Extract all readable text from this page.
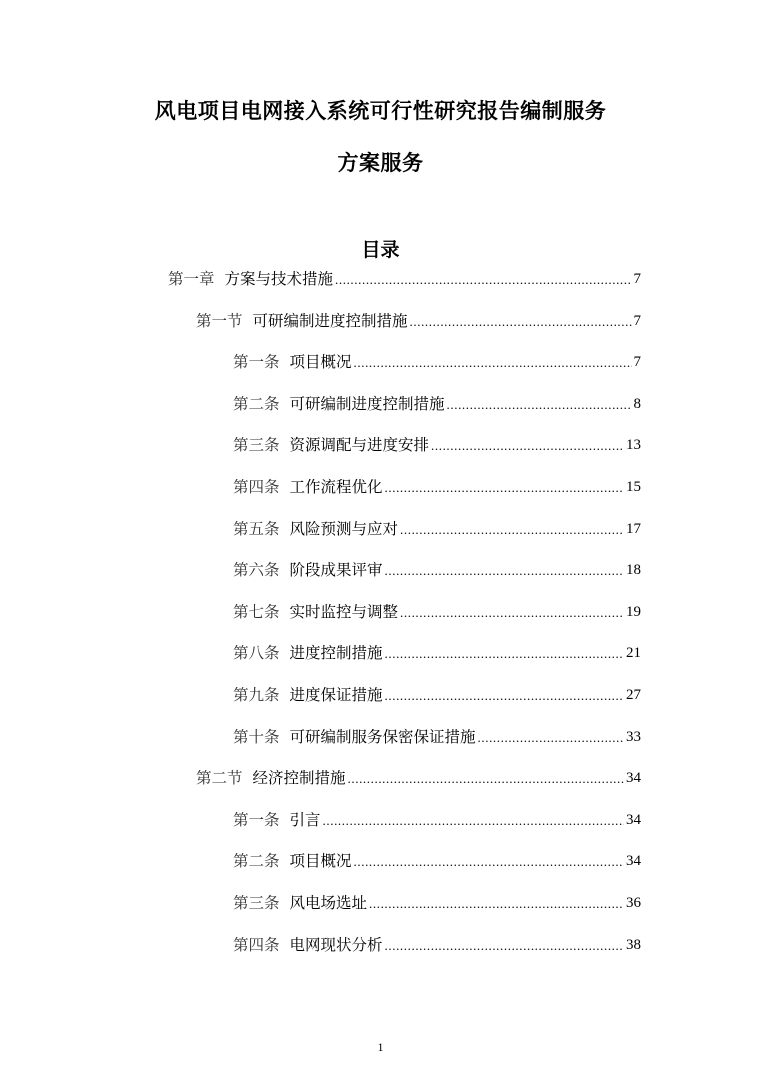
风电项目电网接入系统可行性研究报告编制服务
方案服务
目录
第一章 方案与技术措施 .....	7
第一节 可研编制进度控制措施 .....	7
第一条 项目概况 .....	7
第二条 可研编制进度控制措施 .....	8
第三条 资源调配与进度安排 .....	13
第四条 工作流程优化 .....	15
第五条 风险预测与应对 .....	17
第六条 阶段成果评审 .....	18
第七条 实时监控与调整 .....	19
第八条 进度控制措施 .....	21
第九条 进度保证措施 .....	27
第十条 可研编制服务保密保证措施 .....	33
第二节 经济控制措施 .....	34
第一条 引言 .....	34
第二条 项目概况 .....	34
第三条 风电场选址 .....	36
第四条 电网现状分析 .....	38
1
